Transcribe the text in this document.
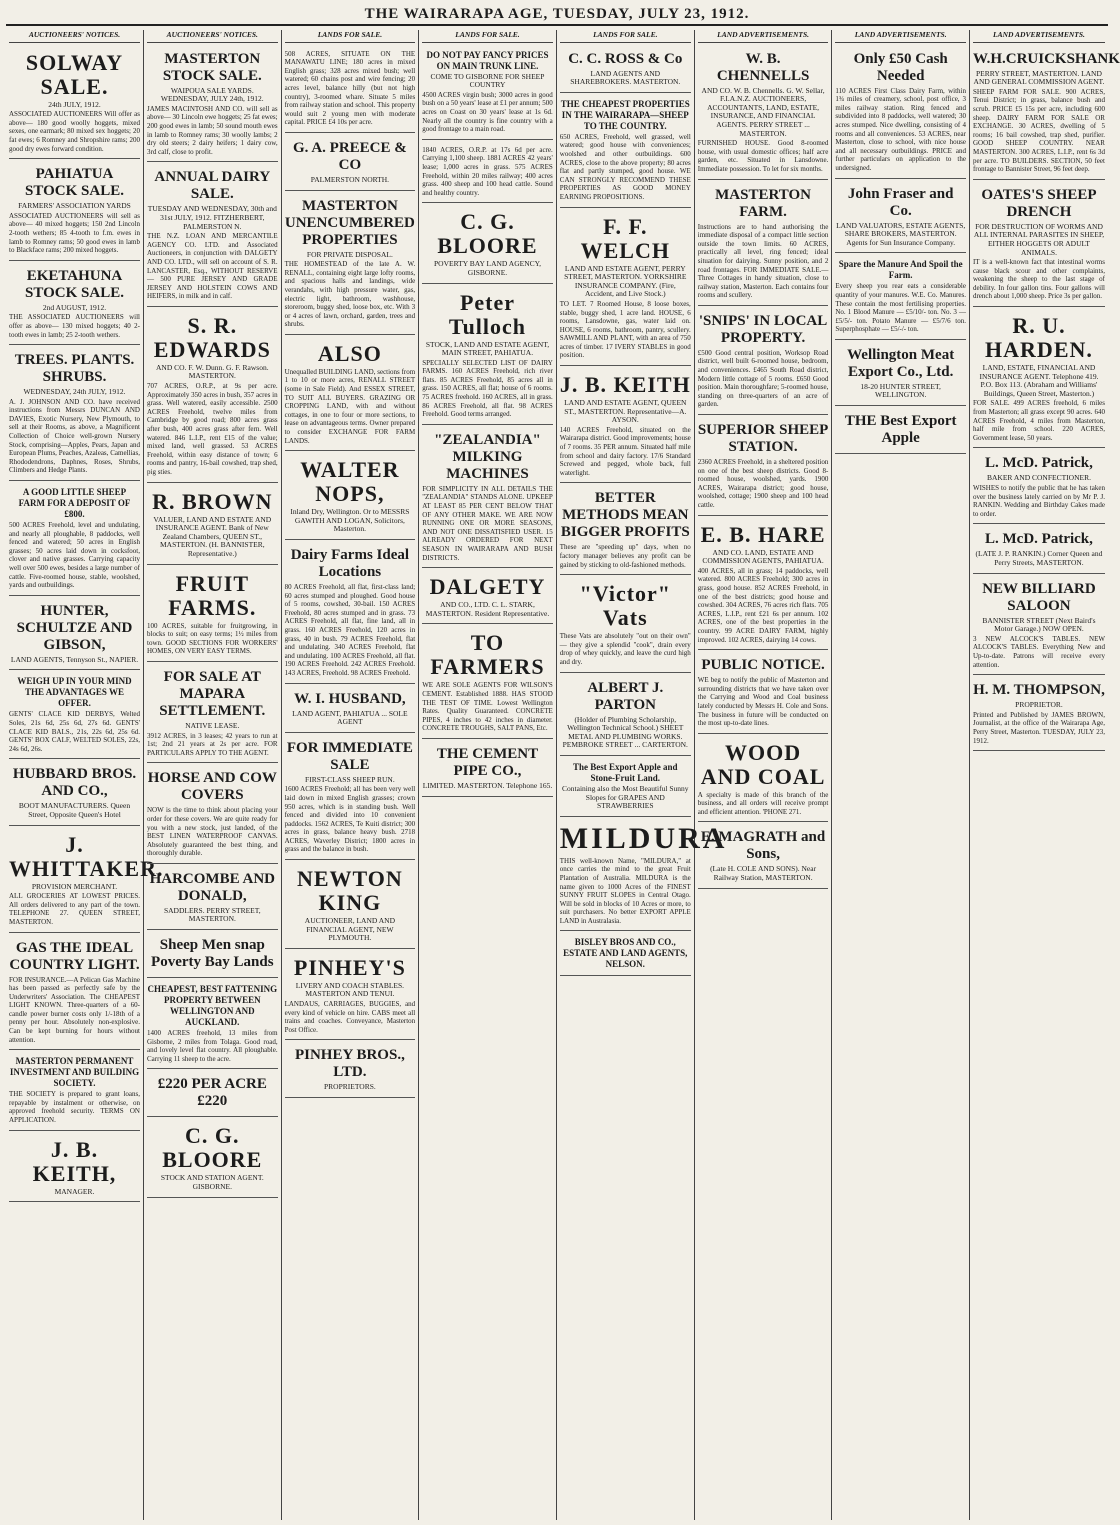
THE WAIRARAPA AGE, TUESDAY, JULY 23, 1912.
AUCTIONEERS' NOTICES.
SOLWAY SALE.
24th JULY, 1912.
ASSOCIATED AUCTIONEERS Will offer as above— 180 good woolly hoggets, mixed sexes, one earmark; 80 mixed sex hoggets; 20 fat ewes; 6 Romney and Shropshire rams; 200 good dry ewes forward condition.
PAHIATUA STOCK SALE.
FARMERS' ASSOCIATION YARDS
ASSOCIATED AUCTIONEERS will sell as above— 40 mixed hoggets; 150 2nd Lincoln 2-tooth wethers; 85 4-tooth to f.m. ewes in lamb to Romney rams; 50 good ewes in lamb to Blackface rams; 200 mixed hoggets.
EKETAHUNA STOCK SALE.
2nd AUGUST, 1912.
THE ASSOCIATED AUCTIONEERS will offer as above— 130 mixed hoggets; 40 2-tooth ewes in lamb; 25 2-tooth wethers.
TREES. PLANTS. SHRUBS.
WEDNESDAY, 24th JULY, 1912.
A. J. JOHNSON AND CO. have received instructions from Messrs DUNCAN AND DAVIES, Exotic Nursery, New Plymouth, to sell at their Rooms, as above, a Magnificent Collection of Choice well-grown Nursery Stock, comprising—Apples, Pears, Japan and European Plums, Peaches, Azaleas, Camellias, Rhododendrons, Daphnes, Roses, Shrubs, Climbers and Hedge Plants.
A GOOD LITTLE SHEEP FARM FOR A DEPOSIT OF £800.
500 ACRES Freehold, level and undulating, and nearly all ploughable, 8 paddocks, well fenced and watered; 50 acres in English grasses; 50 acres laid down in cocksfoot, clover and native grasses. Carrying capacity well over 500 ewes, besides a large number of cattle. Five-roomed house, stable, woolshed, yards and outbuildings.
HUNTER, SCHULTZE AND GIBSON,
LAND AGENTS, Tennyson St., NAPIER.
WEIGH UP IN YOUR MIND THE ADVANTAGES WE OFFER.
GENTS' CLACE KID DERBYS, Welted Soles, 21s 6d, 25s 6d, 27s 6d. GENTS' CLACE KID BALS., 21s, 22s 6d, 25s 6d. GENTS' BOX CALF, WELTED SOLES, 22s, 24s 6d, 26s.
HUBBARD BROS. AND CO.,
BOOT MANUFACTURERS. Queen Street, Opposite Queen's Hotel
J. WHITTAKER.
PROVISION MERCHANT.
ALL GROCERIES AT LOWEST PRICES. All orders delivered to any part of the town. TELEPHONE 27. QUEEN STREET, MASTERTON.
GAS THE IDEAL COUNTRY LIGHT.
FOR INSURANCE.—A Pelican Gas Machine has been passed as perfectly safe by the Underwriters' Association. The CHEAPEST LIGHT KNOWN. Three-quarters of a 60-candle power burner costs only 1/-18th of a penny per hour. Absolutely non-explosive. Can be kept burning for hours without attention.
MASTERTON PERMANENT INVESTMENT AND BUILDING SOCIETY.
THE SOCIETY is prepared to grant loans, repayable by instalment or otherwise, on approved freehold security. TERMS ON APPLICATION.
J. B. KEITH,
MANAGER.
AUCTIONEERS' NOTICES.
MASTERTON STOCK SALE.
WAIPOUA SALE YARDS. WEDNESDAY, JULY 24th, 1912.
JAMES MACINTOSH AND CO. will sell as above— 30 Lincoln ewe hoggets; 25 fat ewes; 200 good ewes in lamb; 50 sound mouth ewes in lamb to Romney rams; 30 woolly lambs; 2 dry old steers; 2 dairy heifers; 1 dairy cow, 3rd calf, close to profit.
ANNUAL DAIRY SALE.
TUESDAY AND WEDNESDAY, 30th and 31st JULY, 1912. FITZHERBERT, PALMERSTON N.
THE N.Z. LOAN AND MERCANTILE AGENCY CO. LTD. and Associated Auctioneers, in conjunction with DALGETY AND CO. LTD., will sell on account of S. R. LANCASTER, Esq., WITHOUT RESERVE— 500 PURE JERSEY AND GRADE JERSEY AND HOLSTEIN COWS AND HEIFERS, in milk and in calf.
S. R. EDWARDS
AND CO. F. W. Dunn. G. F. Rawson. MASTERTON.
707 ACRES, O.R.P., at 9s per acre. Approximately 350 acres in bush, 357 acres in grass. Well watered, easily accessible. 2500 ACRES Freehold, twelve miles from Cambridge by good road; 800 acres grass after bush, 400 acres grass after fern. Well watered. 846 L.I.P., rent £15 of the value; mixed land, well grassed. 53 ACRES Freehold, within easy distance of town; 6 rooms and pantry, 16-bail cowshed, trap shed, pig sties.
R. BROWN
VALUER, LAND AND ESTATE AND INSURANCE AGENT. Bank of New Zealand Chambers, QUEEN ST., MASTERTON. (H. BANNISTER, Representative.)
FRUIT FARMS.
100 ACRES, suitable for fruitgrowing, in blocks to suit; on easy terms; 1½ miles from town. GOOD SECTIONS FOR WORKERS' HOMES, ON VERY EASY TERMS.
FOR SALE AT MAPARA SETTLEMENT.
NATIVE LEASE.
3912 ACRES, in 3 leases; 42 years to run at 1st; 2nd 21 years at 2s per acre. FOR PARTICULARS APPLY TO THE AGENT.
HORSE AND COW COVERS
NOW is the time to think about placing your order for these covers. We are quite ready for you with a new stock, just landed, of the BEST LINEN WATERPROOF CANVAS. Absolutely guaranteed the best thing, and thoroughly durable.
HARCOMBE AND DONALD,
SADDLERS. PERRY STREET, MASTERTON.
Sheep Men snap Poverty Bay Lands
CHEAPEST, BEST FATTENING PROPERTY BETWEEN WELLINGTON AND AUCKLAND.
1400 ACRES freehold, 13 miles from Gisborne, 2 miles from Tolaga. Good road, and lovely level flat country. All ploughable. Carrying 11 sheep to the acre.
£220 PER ACRE £220
C. G. BLOORE
STOCK AND STATION AGENT. GISBORNE.
LANDS FOR SALE.
508 ACRES, SITUATE ON THE MANAWATU LINE; 180 acres in mixed English grass; 328 acres mixed bush; well watered; 60 chains post and wire fencing; 20 acres level, balance hilly (but not high country), 3-roomed whare. Situate 5 miles from railway station and school. This property would suit 2 young men with moderate capital. PRICE £4 10s per acre.
G. A. PREECE & CO
PALMERSTON NORTH.
MASTERTON UNENCUMBERED PROPERTIES
FOR PRIVATE DISPOSAL.
THE HOMESTEAD of the late A. W. RENALL, containing eight large lofty rooms, and spacious halls and landings, wide verandahs, with high pressure water, gas, electric light, bathroom, washhouse, storeroom, buggy shed, loose box, etc. With 3 or 4 acres of lawn, orchard, garden, trees and shrubs.
ALSO
Unequalled BUILDING LAND, sections from 1 to 10 or more acres, RENALL STREET (some in Sale Field). And ESSEX STREET, TO SUIT ALL BUYERS. GRAZING OR CROPPING LAND, with and without cottages, in one to four or more sections, to lease on advantageous terms. Owner prepared to consider EXCHANGE FOR FARM LANDS.
WALTER NOPS,
Inland Dry, Wellington. Or to MESSRS GAWITH AND LOGAN, Solicitors, Masterton.
Dairy Farms Ideal Locations
80 ACRES Freehold, all flat, first-class land; 60 acres stumped and ploughed. Good house of 5 rooms, cowshed, 30-bail. 150 ACRES Freehold, 80 acres stumped and in grass. 73 ACRES Freehold, all flat, fine land, all in grass. 160 ACRES Freehold, 120 acres in grass, 40 in bush. 79 ACRES Freehold, flat and undulating. 340 ACRES Freehold, flat and undulating. 100 ACRES Freehold, all flat. 190 ACRES Freehold. 242 ACRES Freehold. 143 ACRES, Freehold. 98 ACRES Freehold.
W. I. HUSBAND,
LAND AGENT, PAHIATUA ... SOLE AGENT
FOR IMMEDIATE SALE
FIRST-CLASS SHEEP RUN.
1600 ACRES Freehold; all has been very well laid down in mixed English grasses; crown 950 acres, which is in standing bush. Well fenced and divided into 10 convenient paddocks. 1562 ACRES, Te Kuiti district; 300 acres in grass, balance heavy bush. 2718 ACRES, Waverley District; 1800 acres in grass and the balance in bush.
NEWTON KING
AUCTIONEER, LAND AND FINANCIAL AGENT, NEW PLYMOUTH.
PINHEY'S
LIVERY AND COACH STABLES. MASTERTON AND TENUI.
LANDAUS, CARRIAGES, BUGGIES, and every kind of vehicle on hire. CABS meet all trains and coaches. Conveyance, Masterton Post Office.
PINHEY BROS., LTD.
PROPRIETORS.
LANDS FOR SALE.
DO NOT PAY FANCY PRICES ON MAIN TRUNK LINE.
COME TO GISBORNE FOR SHEEP COUNTRY
4500 ACRES virgin bush; 3000 acres in good bush on a 50 years' lease at £1 per annum; 500 acres on Coast on 30 years' lease at 1s 6d. Nearly all the country is fine country with a good frontage to a main road.
1840 ACRES, O.R.P. at 17s 6d per acre. Carrying 1,100 sheep. 1881 ACRES 42 years' lease; 1,000 acres in grass. 575 ACRES Freehold, within 20 miles railway; 400 acres grass. 400 sheep and 100 head cattle. Sound and healthy country.
C. G. BLOORE
POVERTY BAY LAND AGENCY, GISBORNE.
Peter Tulloch
STOCK, LAND AND ESTATE AGENT, MAIN STREET, PAHIATUA.
SPECIALLY SELECTED LIST OF DAIRY FARMS. 160 ACRES Freehold, rich river flats. 85 ACRES Freehold, 85 acres all in grass. 150 ACRES, all flat; house of 6 rooms. 75 ACRES freehold. 160 ACRES, all in grass. 86 ACRES Freehold, all flat. 98 ACRES Freehold. Good terms arranged.
"ZEALANDIA" MILKING MACHINES
FOR SIMPLICITY IN ALL DETAILS THE "ZEALANDIA" STANDS ALONE. UPKEEP AT LEAST 85 PER CENT BELOW THAT OF ANY OTHER MAKE. WE ARE NOW RUNNING ONE OR MORE SEASONS, AND NOT ONE DISSATISFIED USER. 15 ALREADY ORDERED FOR NEXT SEASON IN WAIRARAPA AND BUSH DISTRICTS.
DALGETY
AND CO., LTD. C. L. STARK, MASTERTON. Resident Representative.
TO FARMERS
WE ARE SOLE AGENTS FOR WILSON'S CEMENT. Established 1888. HAS STOOD THE TEST OF TIME. Lowest Wellington Rates. Quality Guaranteed. CONCRETE PIPES, 4 inches to 42 inches in diameter. CONCRETE TROUGHS, SALT PANS, Etc.
THE CEMENT PIPE CO.,
LIMITED. MASTERTON. Telephone 165.
LANDS FOR SALE.
C. C. ROSS & Co
LAND AGENTS AND SHAREBROKERS. MASTERTON.
THE CHEAPEST PROPERTIES IN THE WAIRARAPA—SHEEP TO THE COUNTRY.
650 ACRES, Freehold, well grassed, well watered; good house with conveniences; woolshed and other outbuildings. 600 ACRES, close to the above property; 80 acres flat and partly stumped, good house. WE CAN STRONGLY RECOMMEND THESE PROPERTIES AS GOOD MONEY EARNING PROPOSITIONS.
F. F. WELCH
LAND AND ESTATE AGENT, PERRY STREET, MASTERTON. YORKSHIRE INSURANCE COMPANY. (Fire, Accident, and Live Stock.)
TO LET. 7 Roomed House, 8 loose boxes, stable, buggy shed, 1 acre land. HOUSE, 6 rooms, Lansdowne, gas, water laid on. HOUSE, 6 rooms, bathroom, pantry, scullery. SAWMILL AND PLANT, with an area of 750 acres of timber. 17 IVERY STABLES in good position.
J. B. KEITH
LAND AND ESTATE AGENT, QUEEN ST., MASTERTON. Representative—A. AYSON.
140 ACRES Freehold, situated on the Wairarapa district. Good improvements; house of 7 rooms. 35 PER annum. Situated half mile from school and dairy factory. 17/6 Standard Screwed and pegged, whole back, full waterlight.
BETTER METHODS MEAN BIGGER PROFITS
These are "speeding up" days, when no factory manager believes any profit can be gained by sticking to old-fashioned methods.
"Victor" Vats
These Vats are absolutely "out on their own" — they give a splendid "cook", drain every drop of whey quickly, and leave the curd high and dry.
ALBERT J. PARTON
(Holder of Plumbing Scholarship, Wellington Technical School.) SHEET METAL AND PLUMBING WORKS. PEMBROKE STREET ... CARTERTON.
The Best Export Apple and Stone-Fruit Land.
Containing also the Most Beautiful Sunny Slopes for GRAPES AND STRAWBERRIES
MILDURA
THIS well-known Name, "MILDURA," at once carries the mind to the great Fruit Plantation of Australia. MILDURA is the name given to 1000 Acres of the FINEST SUNNY FRUIT SLOPES in Central Otago. Will be sold in blocks of 10 Acres or more, to suit purchasers. No better EXPORT APPLE LAND in Australasia.
BISLEY BROS AND CO., ESTATE AND LAND AGENTS, NELSON.
LAND ADVERTISEMENTS.
W. B. CHENNELLS
AND CO. W. B. Chennells. G. W. Sellar, F.I.A.N.Z. AUCTIONEERS, ACCOUNTANTS, LAND, ESTATE, INSURANCE, AND FINANCIAL AGENTS. PERRY STREET ... MASTERTON.
FURNISHED HOUSE. Good 8-roomed house, with usual domestic offices; half acre garden, etc. Situated in Lansdowne. Immediate possession. To let for six months.
MASTERTON FARM.
Instructions are to hand authorising the immediate disposal of a compact little section outside the town limits. 60 ACRES, practically all level, ring fenced; ideal situation for dairying. Sunny position, and 2 road frontages. FOR IMMEDIATE SALE.—Three Cottages in handy situation, close to railway station, Masterton. Each contains four rooms and scullery.
'SNIPS' IN LOCAL PROPERTY.
£500 Good central position, Worksop Road district, well built 6-roomed house, bedroom, and conveniences. £465 South Road district, Modern little cottage of 5 rooms. £650 Good position. Main thoroughfare; 5-roomed house, standing on three-quarters of an acre of garden.
SUPERIOR SHEEP STATION.
2360 ACRES Freehold, in a sheltered position on one of the best sheep districts. Good 8-roomed house, woolshed, yards. 1900 ACRES, Wairarapa district; good house, woolshed, cottage; 1900 sheep and 100 head cattle.
E. B. HARE
AND CO. LAND, ESTATE AND COMMISSION AGENTS, PAHIATUA.
400 ACRES, all in grass; 14 paddocks, well watered. 800 ACRES Freehold; 300 acres in grass, good house. 852 ACRES Freehold, in one of the best districts; good house and cowshed. 304 ACRES, 76 acres rich flats. 705 ACRES, L.I.P., rent £21 6s per annum. 102 ACRES, one of the best properties in the country. 99 ACRE DAIRY FARM, highly improved. 102 ACRES, dairying 14 cows.
PUBLIC NOTICE.
WE beg to notify the public of Masterton and surrounding districts that we have taken over the Carrying and Wood and Coal business lately conducted by Messrs H. Cole and Sons. The business in future will be conducted on the most up-to-date lines.
WOOD AND COAL
A specialty is made of this branch of the business, and all orders will receive prompt and efficient attention. 'PHONE 271.
E. MAGRATH and Sons,
(Late H. COLE AND SONS). Near Railway Station, MASTERTON.
LAND ADVERTISEMENTS.
Only £50 Cash Needed
110 ACRES First Class Dairy Farm, within 1¾ miles of creamery, school, post office, 3 miles railway station. Ring fenced and subdivided into 8 paddocks, well watered; 30 acres stumped. Nice dwelling, consisting of 4 rooms and all conveniences. 53 ACRES, near Masterton, close to school, with nice house and all necessary outbuildings. PRICE and further particulars on application to the undersigned.
John Fraser and Co.
LAND VALUATORS, ESTATE AGENTS, SHARE BROKERS, MASTERTON. Agents for Sun Insurance Company.
Spare the Manure And Spoil the Farm.
Every sheep you rear eats a considerable quantity of your manures. W.E. Co. Manures. These contain the most fertilising properties. No. 1 Blood Manure — £5/10/- ton. No. 3 — £5/5/- ton. Potato Manure — £5/7/6 ton. Superphosphate — £5/-/- ton.
Wellington Meat Export Co., Ltd.
18-20 HUNTER STREET, WELLINGTON.
THE Best Export Apple
LAND ADVERTISEMENTS.
W.H.CRUICKSHANK
PERRY STREET, MASTERTON. LAND AND GENERAL COMMISSION AGENT.
SHEEP FARM FOR SALE. 900 ACRES, Tenui District; in grass, balance bush and scrub. PRICE £5 15s per acre, including 600 sheep. DAIRY FARM FOR SALE OR EXCHANGE. 30 ACRES, dwelling of 5 rooms; 16 bail cowshed, trap shed, purifier. GOOD SHEEP COUNTRY. NEAR MASTERTON. 300 ACRES, L.I.P., rent 6s 3d per acre. TO BUILDERS. SECTION, 50 feet frontage to Bannister Street, 96 feet deep.
OATES'S SHEEP DRENCH
FOR DESTRUCTION OF WORMS AND ALL INTERNAL PARASITES IN SHEEP, EITHER HOGGETS OR ADULT ANIMALS.
IT is a well-known fact that intestinal worms cause black scour and other complaints, weakening the sheep to the last stage of debility. In four gallon tins. Four gallons will drench about 1,000 sheep. Price 3s per gallon.
R. U. HARDEN.
LAND, ESTATE, FINANCIAL AND INSURANCE AGENT. Telephone 419. P.O. Box 113. (Abraham and Williams' Buildings, Queen Street, Masterton.)
FOR SALE. 499 ACRES freehold, 6 miles from Masterton; all grass except 90 acres. 640 ACRES Freehold, 4 miles from Masterton, half mile from school. 220 ACRES, Government lease, 50 years.
L. McD. Patrick,
BAKER AND CONFECTIONER.
WISHES to notify the public that he has taken over the business lately carried on by Mr P. J. RANKIN. Wedding and Birthday Cakes made to order.
L. McD. Patrick,
(LATE J. P. RANKIN.) Corner Queen and Perry Streets, MASTERTON.
NEW BILLIARD SALOON
BANNISTER STREET (Next Baird's Motor Garage.) NOW OPEN.
3 NEW ALCOCK'S TABLES. NEW ALCOCK'S TABLES. Everything New and Up-to-date. Patrons will receive every attention.
H. M. THOMPSON,
PROPRIETOR.
Printed and Published by JAMES BROWN, Journalist, at the office of the Wairarapa Age, Perry Street, Masterton. TUESDAY, JULY 23, 1912.
